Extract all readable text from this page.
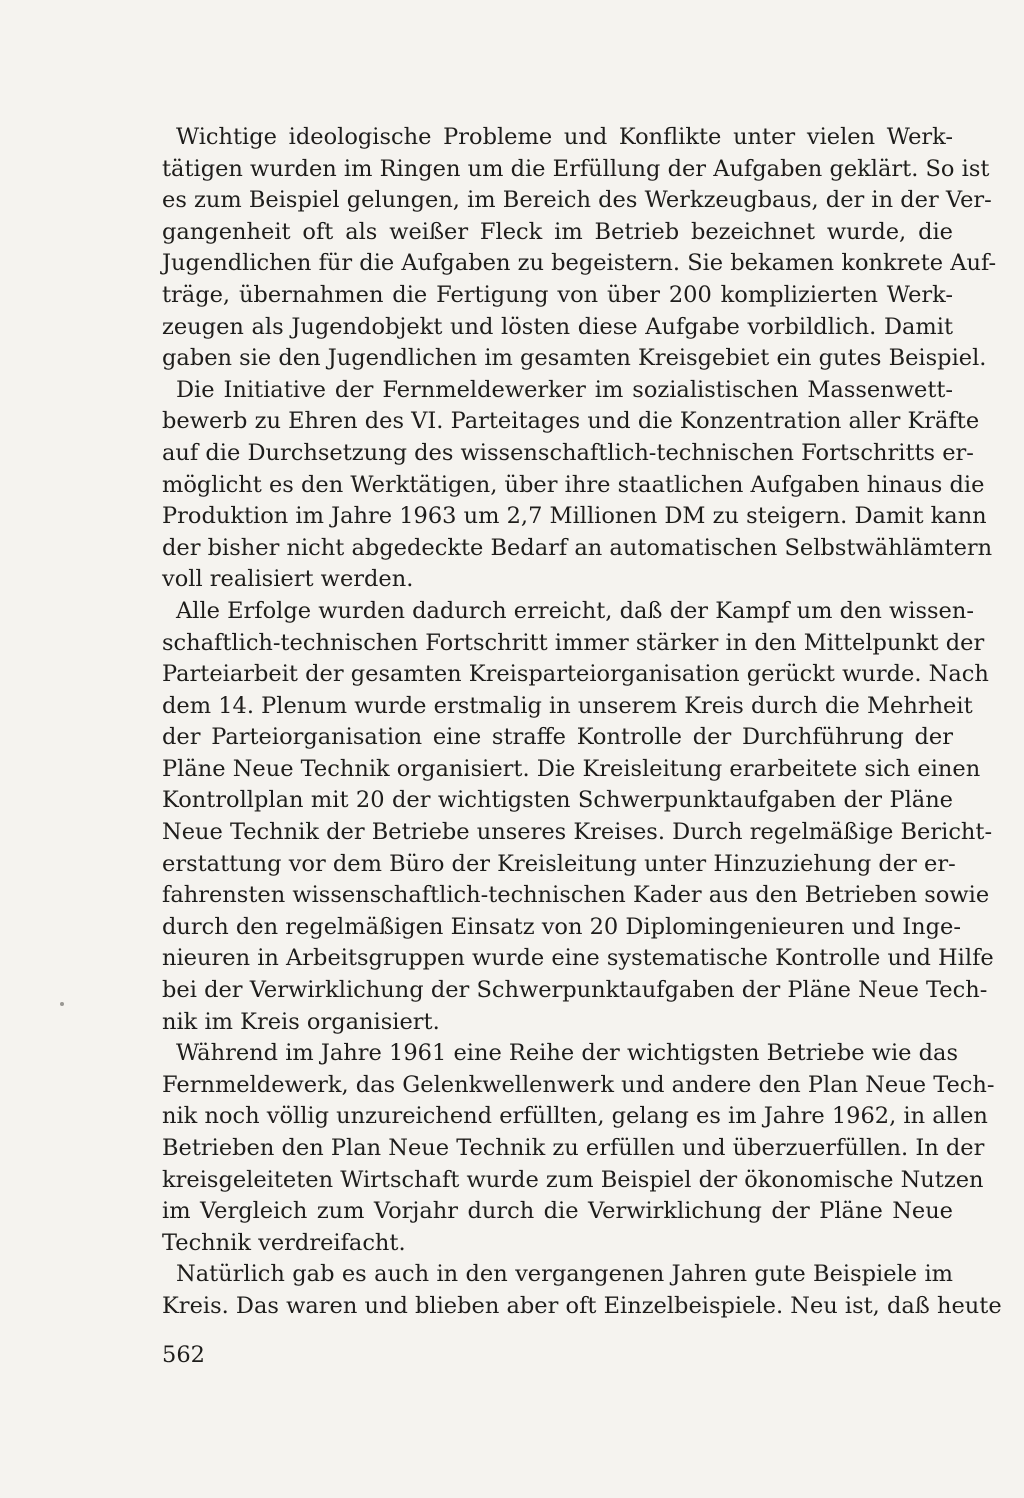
Wichtige ideologische Probleme und Konflikte unter vielen Werk-
tätigen wurden im Ringen um die Erfüllung der Aufgaben geklärt. So ist
es zum Beispiel gelungen, im Bereich des Werkzeugbaus, der in der Ver-
gangenheit oft als weißer Fleck im Betrieb bezeichnet wurde, die
Jugendlichen für die Aufgaben zu begeistern. Sie bekamen konkrete Auf-
träge, übernahmen die Fertigung von über 200 komplizierten Werk-
zeugen als Jugendobjekt und lösten diese Aufgabe vorbildlich. Damit
gaben sie den Jugendlichen im gesamten Kreisgebiet ein gutes Beispiel.
Die Initiative der Fernmeldewerker im sozialistischen Massenwett-
bewerb zu Ehren des VI. Parteitages und die Konzentration aller Kräfte
auf die Durchsetzung des wissenschaftlich-technischen Fortschritts er-
möglicht es den Werktätigen, über ihre staatlichen Aufgaben hinaus die
Produktion im Jahre 1963 um 2,7 Millionen DM zu steigern. Damit kann
der bisher nicht abgedeckte Bedarf an automatischen Selbstwählämtern
voll realisiert werden.
Alle Erfolge wurden dadurch erreicht, daß der Kampf um den wissen-
schaftlich-technischen Fortschritt immer stärker in den Mittelpunkt der
Parteiarbeit der gesamten Kreisparteiorganisation gerückt wurde. Nach
dem 14. Plenum wurde erstmalig in unserem Kreis durch die Mehrheit
der Parteiorganisation eine straffe Kontrolle der Durchführung der
Pläne Neue Technik organisiert. Die Kreisleitung erarbeitete sich einen
Kontrollplan mit 20 der wichtigsten Schwerpunktaufgaben der Pläne
Neue Technik der Betriebe unseres Kreises. Durch regelmäßige Bericht-
erstattung vor dem Büro der Kreisleitung unter Hinzuziehung der er-
fahrensten wissenschaftlich-technischen Kader aus den Betrieben sowie
durch den regelmäßigen Einsatz von 20 Diplomingenieuren und Inge-
nieuren in Arbeitsgruppen wurde eine systematische Kontrolle und Hilfe
bei der Verwirklichung der Schwerpunktaufgaben der Pläne Neue Tech-
nik im Kreis organisiert.
Während im Jahre 1961 eine Reihe der wichtigsten Betriebe wie das
Fernmeldewerk, das Gelenkwellenwerk und andere den Plan Neue Tech-
nik noch völlig unzureichend erfüllten, gelang es im Jahre 1962, in allen
Betrieben den Plan Neue Technik zu erfüllen und überzuerfüllen. In der
kreisgeleiteten Wirtschaft wurde zum Beispiel der ökonomische Nutzen
im Vergleich zum Vorjahr durch die Verwirklichung der Pläne Neue
Technik verdreifacht.
Natürlich gab es auch in den vergangenen Jahren gute Beispiele im
Kreis. Das waren und blieben aber oft Einzelbeispiele. Neu ist, daß heute
562
